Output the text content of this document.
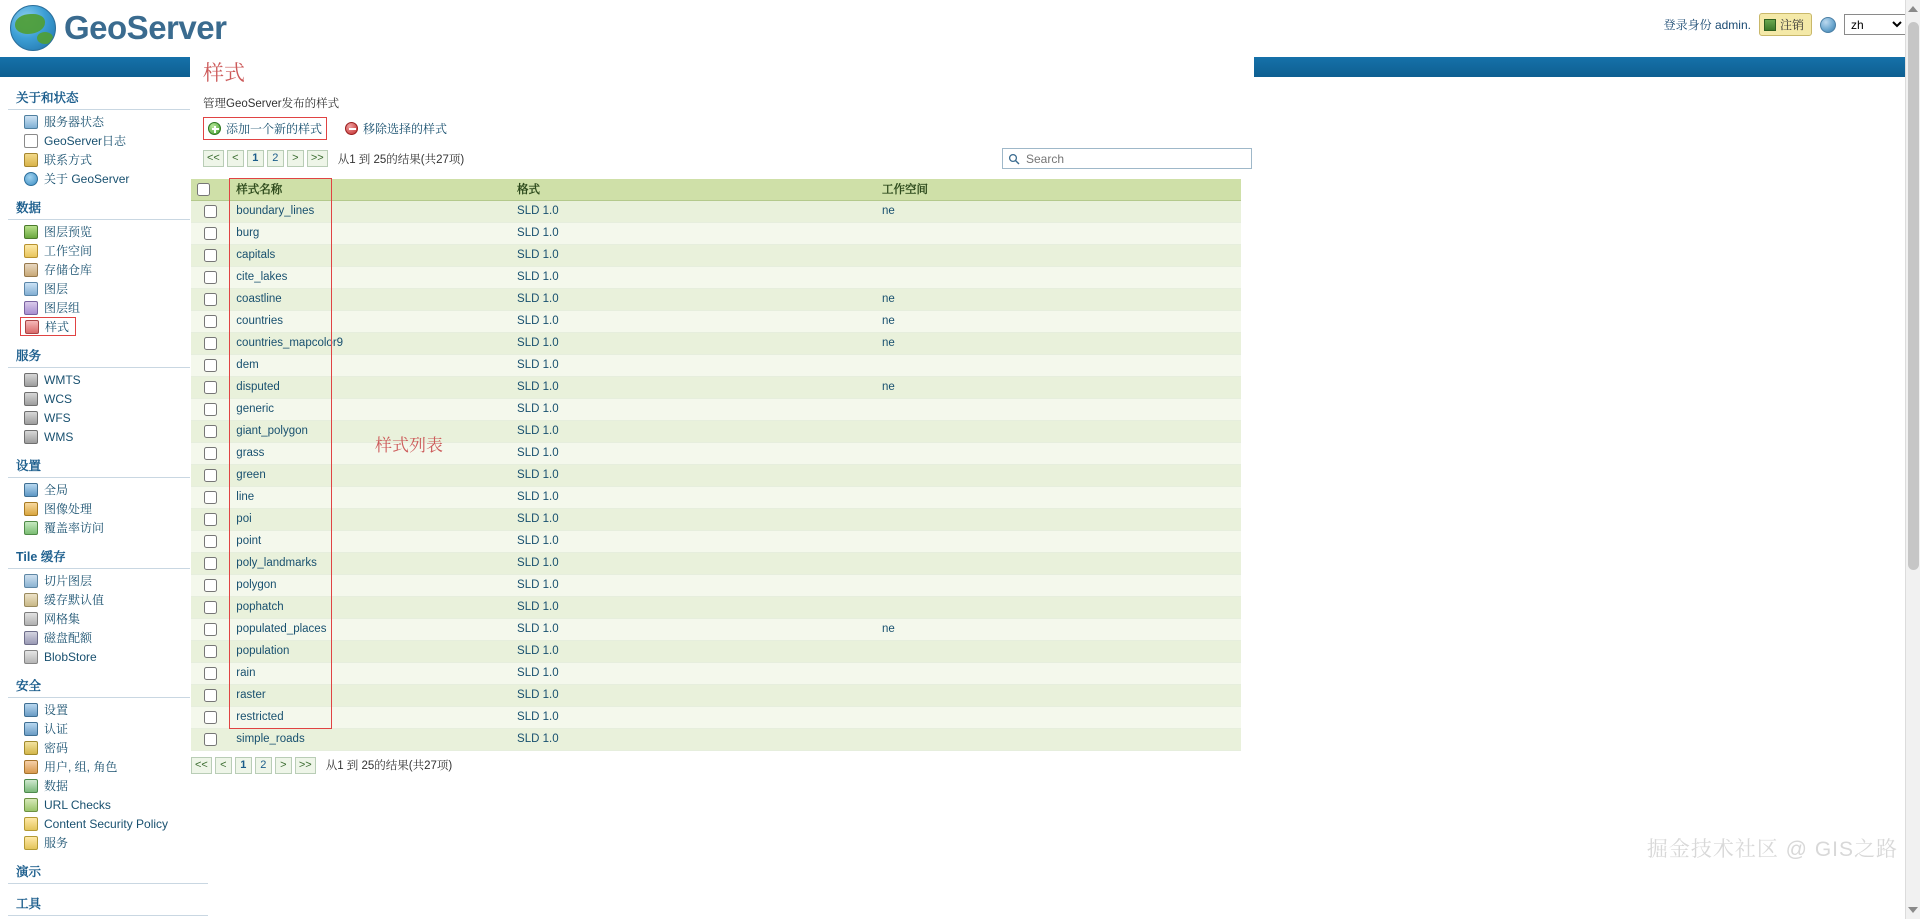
GeoServer	登录身份 admin. 注销
zh
关于和状态
服务器状态
GeoServer日志
联系方式
关于 GeoServer
数据
图层预览
工作空间
存储仓库
图层
图层组
样式
服务
WMTS
WCS
WFS
WMS
设置
全局
图像处理
覆盖率访问
Tile 缓存
切片图层
缓存默认值
网格集
磁盘配额
BlobStore
安全
设置
认证
密码
用户, 组, 角色
数据
URL Checks
Content Security Policy
服务
演示
工具
样式
管理GeoServer发布的样式
添加一个新的样式	移除选择的样式
<<	<	1	2	>	>>	从1 到 25的结果(共27项)
Search
	样式名称	格式	工作空间
	boundary_lines	SLD 1.0	ne
	burg	SLD 1.0	
	capitals	SLD 1.0	
	cite_lakes	SLD 1.0	
	coastline	SLD 1.0	ne
	countries	SLD 1.0	ne
	countries_mapcolor9	SLD 1.0	ne
	dem	SLD 1.0	
	disputed	SLD 1.0	ne
	generic	SLD 1.0	
	giant_polygon	SLD 1.0	
	grass	SLD 1.0	
	green	SLD 1.0	
	line	SLD 1.0	
	poi	SLD 1.0	
	point	SLD 1.0	
	poly_landmarks	SLD 1.0	
	polygon	SLD 1.0	
	pophatch	SLD 1.0	
	populated_places	SLD 1.0	ne
	population	SLD 1.0	
	rain	SLD 1.0	
	raster	SLD 1.0	
	restricted	SLD 1.0	
	simple_roads	SLD 1.0	
<<	<	1	2	>	>>	从1 到 25的结果(共27项)
样式列表
掘金技术社区 @ GIS之路
